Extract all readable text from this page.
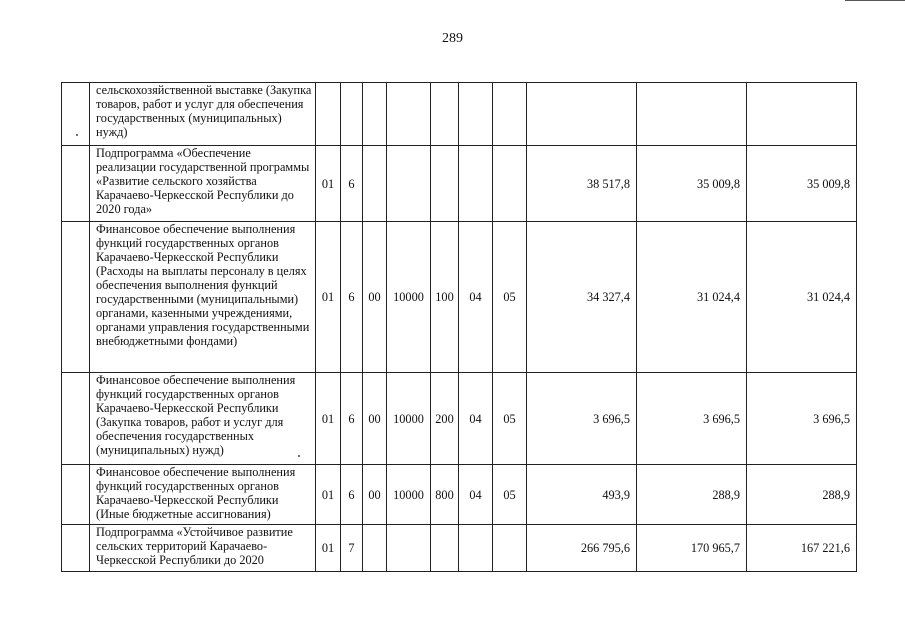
289
	сельскохозяйственной выставке (Закупка товаров, работ и услуг для обеспечения государственных (муниципальных) нужд)										
	Подпрограмма «Обеспечение реализации государственной программы «Развитие сельского хозяйства Карачаево-Черкесской Республики до 2020 года»	01	6						38 517,8	35 009,8	35 009,8
	Финансовое обеспечение выполнения функций государственных органов Карачаево-Черкесской Республики (Расходы на выплаты персоналу в целях обеспечения выполнения функций государственными (муниципальными) органами, казенными учреждениями, органами управления государственными внебюджетными фондами)	01	6	00	10000	100	04	05	34 327,4	31 024,4	31 024,4
	Финансовое обеспечение выполнения функций государственных органов Карачаево-Черкесской Республики (Закупка товаров, работ и услуг для обеспечения государственных (муниципальных) нужд)	01	6	00	10000	200	04	05	3 696,5	3 696,5	3 696,5
	Финансовое обеспечение выполнения функций государственных органов Карачаево-Черкесской Республики (Иные бюджетные ассигнования)	01	6	00	10000	800	04	05	493,9	288,9	288,9
	Подпрограмма «Устойчивое развитие сельских территорий Карачаево-Черкесской Республики до 2020	01	7						266 795,6	170 965,7	167 221,6
